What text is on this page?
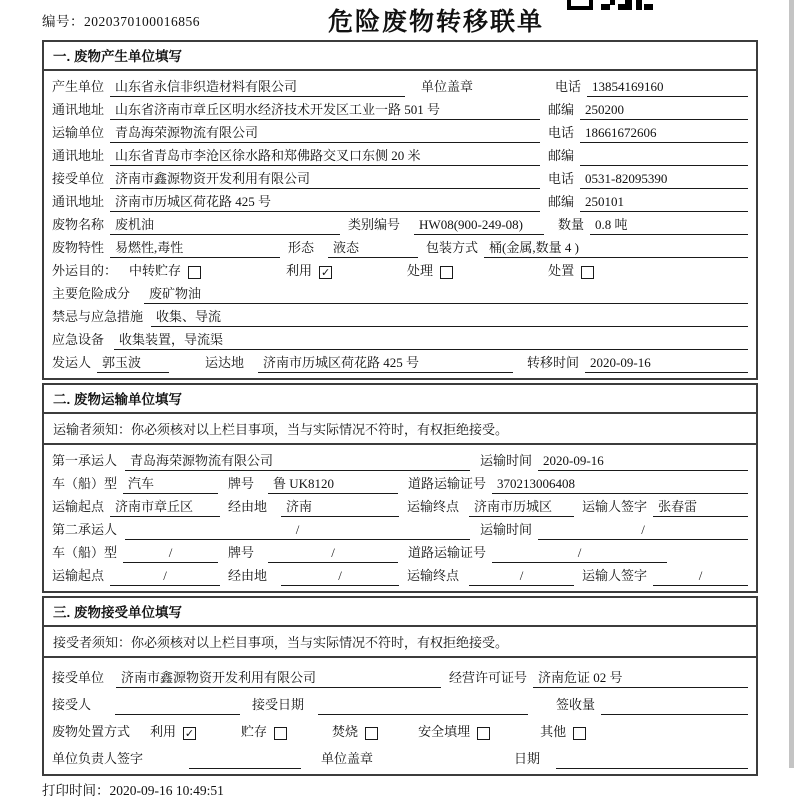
编号：2020370100016856	危险废物转移联单
一. 废物产生单位填写
产生单位 山东省永信非织造材料有限公司	单位盖章	电话 13854169160
通讯地址 山东省济南市章丘区明水经济技术开发区工业一路 501 号	邮编 250200
运输单位 青岛海荣源物流有限公司	电话 18661672606
通讯地址 山东省青岛市李沧区徐水路和郑佛路交叉口东侧 20 米	邮编
接受单位 济南市鑫源物资开发利用有限公司	电话 0531-82095390
通讯地址 济南市历城区荷花路 425 号	邮编 250101
废物名称 废机油	类别编号	HW08(900-249-08)	数量 0.8 吨
废物特性 易燃性,毒性	形态	液态	包装方式 桶(金属,数量 4 )
外运目的： 中转贮存	利用 ✓	处理	处置
主要危险成分	废矿物油
禁忌与应急措施	收集、导流
应急设备	收集装置，导流渠
发运人 郭玉波	运达地	济南市历城区荷花路 425 号	转移时间 2020-09-16
二. 废物运输单位填写
运输者须知：你必须核对以上栏目事项，当与实际情况不符时，有权拒绝接受。
第一承运人	青岛海荣源物流有限公司	运输时间 2020-09-16
车（船）型 汽车	牌号	鲁 UK8120	道路运输证号 370213006408
运输起点 济南市章丘区	经由地	济南	运输终点	济南市历城区	运输人签字 张春雷
第二承运人	/	运输时间	/
车（船）型	/	牌号	/	道路运输证号	/
运输起点	/	经由地	/	运输终点	/	运输人签字	/
三. 废物接受单位填写
接受者须知：你必须核对以上栏目事项，当与实际情况不符时，有权拒绝接受。
接受单位	济南市鑫源物资开发利用有限公司	经营许可证号 济南危证 02 号
接受人	接受日期	签收量
废物处置方式 利用 ✓	贮存	焚烧	安全填埋	其他
单位负责人签字	单位盖章	日期
打印时间：2020-09-16 10:49:51
